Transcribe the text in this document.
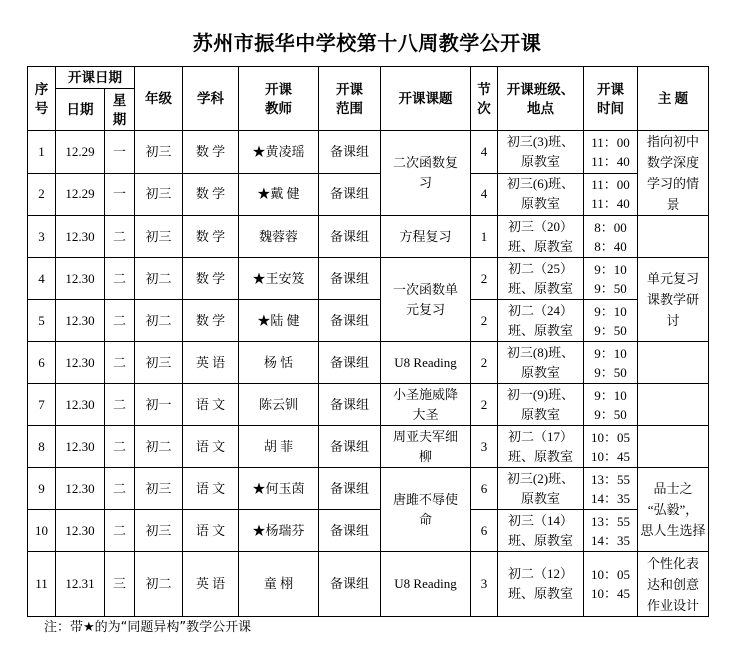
苏州市振华中学校第十八周教学公开课
序号	开课日期		年级	学科	开课
教师	开课
范围	开课课题	节次	开课班级、
地点	开课
时间	主 题
	日期	星期									
1	12.29	一	初三	数 学	★黄凌瑶	备课组	二次函数复
习	4	初三(3)班、
原教室	11：00
11：40	指向初中
数学深度
学习的情
景

2	12.29	一	初三	数 学	★戴 健	备课组		4	初三(6)班、
原教室	11：00
11：40	

3	12.30	二	初三	数 学	魏蓉蓉	备课组	方程复习	1	初三（20）
班、原教室	8：00
8：40	

4	12.30	二	初二	数 学	★王安笈	备课组	一次函数单
元复习	2	初二（25）
班、原教室	9：10
9：50	单元复习
课教学研
讨

5	12.30	二	初二	数 学	★陆 健	备课组		2	初二（24）
班、原教室	9：10
9：50	

6	12.30	二	初三	英 语	杨 恬	备课组	U8 Reading	2	初三(8)班、
原教室	9：10
9：50	

7	12.30	二	初一	语 文	陈云钏	备课组	小圣施威降
大圣	2	初一(9)班、
原教室	9：10
9：50	

8	12.30	二	初二	语 文	胡 菲	备课组	周亚夫军细
柳	3	初二（17）
班、原教室	10：05
10：45	

9	12.30	二	初三	语 文	★何玉茵	备课组	唐雎不辱使
命	6	初三(2)班、
原教室	13：55
14：35	品士之
“弘毅”，
思人生选择

10	12.30	二	初三	语 文	★杨瑞芬	备课组		6	初三（14）
班、原教室	13：55
14：35	

11	12.31	三	初二	英 语	童 栩	备课组	U8 Reading	3	初二（12）
班、原教室	10：05
10：45	个性化表
达和创意
作业设计
注：带★的为“同题异构”教学公开课
